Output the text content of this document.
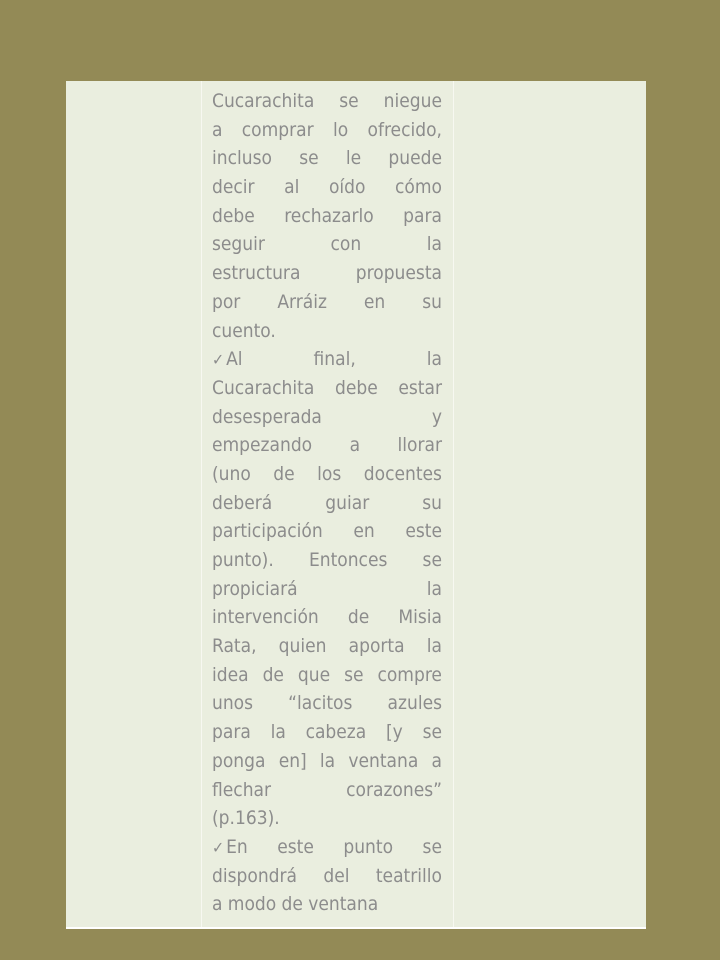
Cucarachita se niegue
a comprar lo ofrecido,
incluso se le puede
decir al oído cómo
debe rechazarlo para
seguir	con	la
estructura	propuesta
por Arráiz en su
cuento.
✓ Al	final,	la
Cucarachita debe estar
desesperada	y
empezando a llorar
(uno de los docentes
deberá	guiar	su
participación en este
punto). Entonces se
propiciará	la
intervención de Misia
Rata, quien aporta la
idea de que se compre
unos “lacitos azules
para la cabeza [y se
ponga en] la ventana a
flechar	corazones”
(p.163).
✓ En este punto se
dispondrá del teatrillo
a modo de ventana
